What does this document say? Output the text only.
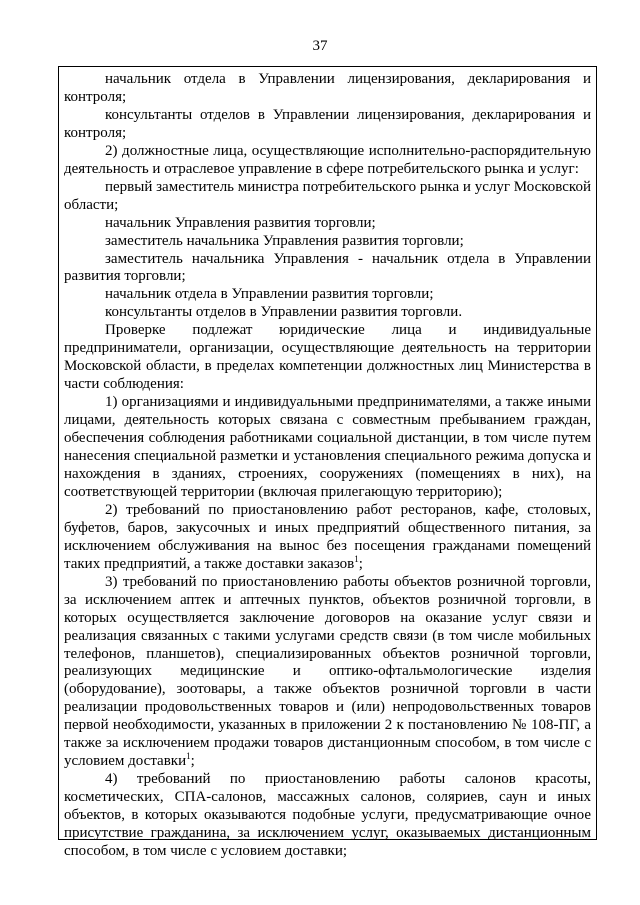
37

начальник отдела в Управлении лицензирования, декларирования и контроля;

консультанты отделов в Управлении лицензирования, декларирования и контроля;

2) должностные лица, осуществляющие исполнительно-распорядительную деятельность и отраслевое управление в сфере потребительского рынка и услуг:

первый заместитель министра потребительского рынка и услуг Московской области;

начальник Управления развития торговли;

заместитель начальника Управления развития торговли;

заместитель начальника Управления - начальник отдела в Управлении развития торговли;

начальник отдела в Управлении развития торговли;

консультанты отделов в Управлении развития торговли.

Проверке подлежат юридические лица и индивидуальные предприниматели, организации, осуществляющие деятельность на территории Московской области, в пределах компетенции должностных лиц Министерства в части соблюдения:

1) организациями и индивидуальными предпринимателями, а также иными лицами, деятельность которых связана с совместным пребыванием граждан, обеспечения соблюдения работниками социальной дистанции, в том числе путем нанесения специальной разметки и установления специального режима допуска и нахождения в зданиях, строениях, сооружениях (помещениях в них), на соответствующей территории (включая прилегающую территорию);

2) требований по приостановлению работ ресторанов, кафе, столовых, буфетов, баров, закусочных и иных предприятий общественного питания, за исключением обслуживания на вынос без посещения гражданами помещений таких предприятий, а также доставки заказов$^1$;

3) требований по приостановлению работы объектов розничной торговли, за исключением аптек и аптечных пунктов, объектов розничной торговли, в которых осуществляется заключение договоров на оказание услуг связи и реализация связанных с такими услугами средств связи (в том числе мобильных телефонов, планшетов), специализированных объектов розничной торговли, реализующих медицинские и оптико-офтальмологические изделия (оборудование), зоотовары, а также объектов розничной торговли в части реализации продовольственных товаров и (или) непродовольственных товаров первой необходимости, указанных в приложении 2 к постановлению № 108-ПГ, а также за исключением продажи товаров дистанционным способом, в том числе с условием доставки$^1$;

4) требований по приостановлению работы салонов красоты, косметических, СПА-салонов, массажных салонов, соляриев, саун и иных объектов, в которых оказываются подобные услуги, предусматривающие очное присутствие гражданина, за исключением услуг, оказываемых дистанционным способом, в том числе с условием доставки;
